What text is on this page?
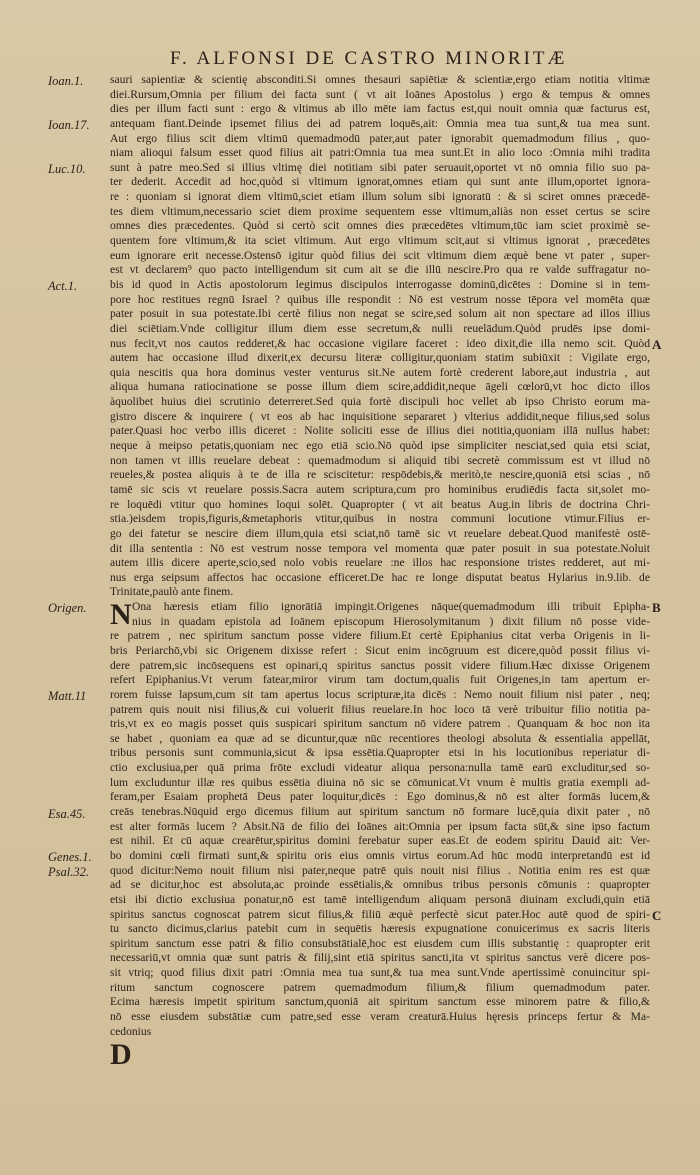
F. ALFONSI DE CASTRO MINORITÆ
Ioan.1.
Ioan.17.
Luc.10.
Act.1.
Origen.
Matt.11
Esa.45.
Genes.1.
Psal.32.
A
B
C
N
D
sauri sapientiæ & scientię absconditi.Si omnes thesauri sapiētiæ & scientiæ,ergo etiam notitia vltimæ
diei.Rursum,Omnia per filium dei facta sunt ( vt ait Ioānes Apostolus ) ergo & tempus & omnes
dies per illum facti sunt : ergo & vltimus ab illo mēte iam factus est,qui nouit omnia quæ facturus est,
antequam fiant.Deinde ipsemet filius dei ad patrem loquēs,ait: Omnia mea tua sunt,& tua mea sunt.
Aut ergo filius scit diem vltimū quemadmodū pater,aut pater ignorabit quemadmodum filius , quo-
niam alioqui falsum esset quod filius ait patri:Omnia tua mea sunt.Et in alio loco :Omnia mihi tradita
sunt à patre meo.Sed si illius vltimę diei notitiam sibi pater seruauit,oportet vt nō omnia filio suo pa-
ter dederit. Accedit ad hoc,quòd si vltimum ignorat,omnes etiam qui sunt ante illum,oportet ignora-
re : quoniam si ignorat diem vltimū,sciet etiam illum solum sibi ignoratū : & si sciret omnes præcedē-
tes diem vltimum,necessario sciet diem proxime sequentem esse vltimum,aliàs non esset certus se scire
omnes dies præcedentes. Quòd si certò scit omnes dies præcedētes vltimum,tūc iam sciet proximè se-
quentem fore vltimum,& ita sciet vltimum. Aut ergo vltimum scit,aut si vltimus ignorat , præcedētes
eum ignorare erit necesse.Ostensō igitur quòd filius dei scit vltimum diem æquè bene vt pater , super-
est vt declarem⁹ quo pacto intelligendum sit cum ait se die illū nescire.Pro qua re valde suffragatur no-
bis id quod in Actis apostolorum legimus discipulos interrogasse dominū,dicētes : Domine si in tem-
pore hoc restitues regnū Israel ? quibus ille respondit : Nō est vestrum nosse tēpora vel momēta quæ
pater posuit in sua potestate.Ibi certè filius non negat se scire,sed solum ait non spectare ad illos illius
diei sciētiam.Vnde colligitur illum diem esse secretum,& nulli reuelādum.Quòd prudēs ipse domi-
nus fecit,vt nos cautos redderet,& hac occasione vigilare faceret : ideo dixit,die illa nemo scit. Quòd
autem hac occasione illud dixerit,ex decursu literæ colligitur,quoniam statim subiūxit : Vigilate ergo,
quia nescitis qua hora dominus vester venturus sit.Ne autem fortè crederent labore,aut industria , aut
aliqua humana ratiocinatione se posse illum diem scire,addidit,neque āgeli cœlorū,vt hoc dicto illos
àquolibet huius diei scrutinio deterreret.Sed quia fortè discipuli hoc vellet ab ipso Christo eorum ma-
gistro discere & inquirere ( vt eos ab hac inquisitione separaret ) vlterius addidit,neque filius,sed solus
pater.Quasi hoc verbo illis diceret : Nolite soliciti esse de illius diei notitia,quoniam illā nullus habet:
neque à meipso petatis,quoniam nec ego etiā scio.Nō quòd ipse simpliciter nesciat,sed quia etsi sciat,
non tamen vt illis reuelare debeat : quemadmodum si aliquid tibi secretè commissum est vt illud nō
reueles,& postea aliquis à te de illa re sciscitetur: respōdebis,& meritò,te nescire,quoniā etsi scias , nō
tamē sic scis vt reuelare possis.Sacra autem scriptura,cum pro hominibus erudiēdis facta sit,solet mo-
re loquēdi vtitur quo homines loqui solēt. Quapropter ( vt ait beatus Aug.in libris de doctrina Chri-
stia.)eisdem tropis,figuris,&metaphoris vtitur,quibus in nostra communi locutione vtimur.Filius er-
go dei fatetur se nescire diem illum,quia etsi sciat,nō tamē sic vt reuelare debeat.Quod manifestè ostē-
dit illa sententia : Nō est vestrum nosse tempora vel momenta quæ pater posuit in sua potestate.Noluit
autem illis dicere aperte,scio,sed nolo vobis reuelare :ne illos hac responsione tristes redderet, aut mi-
nus erga seipsum affectos hac occasione efficeret.De hac re longe disputat beatus Hylarius in.9.lib. de
Trinitate,paulò ante finem.
Ona hæresis etiam filio ignorātiā impingit.Origenes nāque(quemadmodum illi tribuit Epipha-
nius in quadam epistola ad Ioānem episcopum Hierosolymitanum ) dixit filium nō posse vide-
re patrem , nec spiritum sanctum posse videre filium.Et certè Epiphanius citat verba Origenis in li-
bris Periarchō,vbi sic Origenem dixisse refert : Sicut enim incōgruum est dicere,quòd possit filius vi-
dere patrem,sic incōsequens est opinari,q spiritus sanctus possit videre filium.Hæc dixisse Origenem
refert Epiphanius.Vt verum fatear,miror virum tam doctum,qualis fuit Origenes,in tam apertum er-
rorem fuisse lapsum,cum sit tam apertus locus scripturæ,ita dicēs : Nemo nouit filium nisi pater , neq;
patrem quis nouit nisi filius,& cui voluerit filius reuelare.In hoc loco tā verè tribuitur filio notitia pa-
tris,vt ex eo magis posset quis suspicari spiritum sanctum nō videre patrem . Quanquam & hoc non ita
se habet , quoniam ea quæ ad se dicuntur,quæ nūc recentiores theologi absoluta & essentialia appellāt,
tribus personis sunt communia,sicut & ipsa essētia.Quapropter etsi in his locutionibus reperiatur di-
ctio exclusiua,per quā prima frōte excludi videatur aliqua persona:nulla tamē earū excluditur,sed so-
lum excluduntur illæ res quibus essētia diuina nō sic se cōmunicat.Vt vnum è multis gratia exempli ad-
feram,per Esaiam prophetā Deus pater loquitur,dicēs : Ego dominus,& nō est alter formās lucem,&
creās tenebras.Nūquid ergo dicemus filium aut spiritum sanctum nō formare lucē,quia dixit pater , nō
est alter formās lucem ? Absit.Nā de filio dei Ioānes ait:Omnia per ipsum facta sūt,& sine ipso factum
est nihil. Et cū aquæ crearētur,spiritus domini ferebatur super eas.Et de eodem spiritu Dauid ait: Ver-
bo domini cœli firmati sunt,& spiritu oris eius omnis virtus eorum.Ad hūc modū interpretandū est id
quod dicitur:Nemo nouit filium nisi pater,neque patrē quis nouit nisi filius . Notitia enim res est quæ
ad se dicitur,hoc est absoluta,ac proinde essētialis,& omnibus tribus personis cōmunis : quapropter
etsi ibi dictio exclusiua ponatur,nō est tamē intelligendum aliquam personā diuinam excludi,quin etiā
spiritus sanctus cognoscat patrem sicut filius,& filiū æquè perfectè sicut pater.Hoc autē quod de spiri-
tu sancto dicimus,clarius patebit cum in sequētis hæresis expugnatione conuicerimus ex sacris literis
spiritum sanctum esse patri & filio consubstātialē,hoc est eiusdem cum illis substantię : quapropter erit
necessariū,vt omnia quæ sunt patris & filij,sint etiā spiritus sancti,ita vt spiritus sanctus verè dicere pos-
sit vtriq; quod filius dixit patri :Omnia mea tua sunt,& tua mea sunt.Vnde apertissimè conuincitur spi-
ritum sanctum cognoscere patrem quemadmodum filium,& filium quemadmodum pater.
Ecima hæresis impetit spiritum sanctum,quoniā ait spiritum sanctum esse minorem patre & filio,&
nō esse eiusdem substātiæ cum patre,sed esse veram creaturā.Huius hęresis princeps fertur & Ma-
cedonius
